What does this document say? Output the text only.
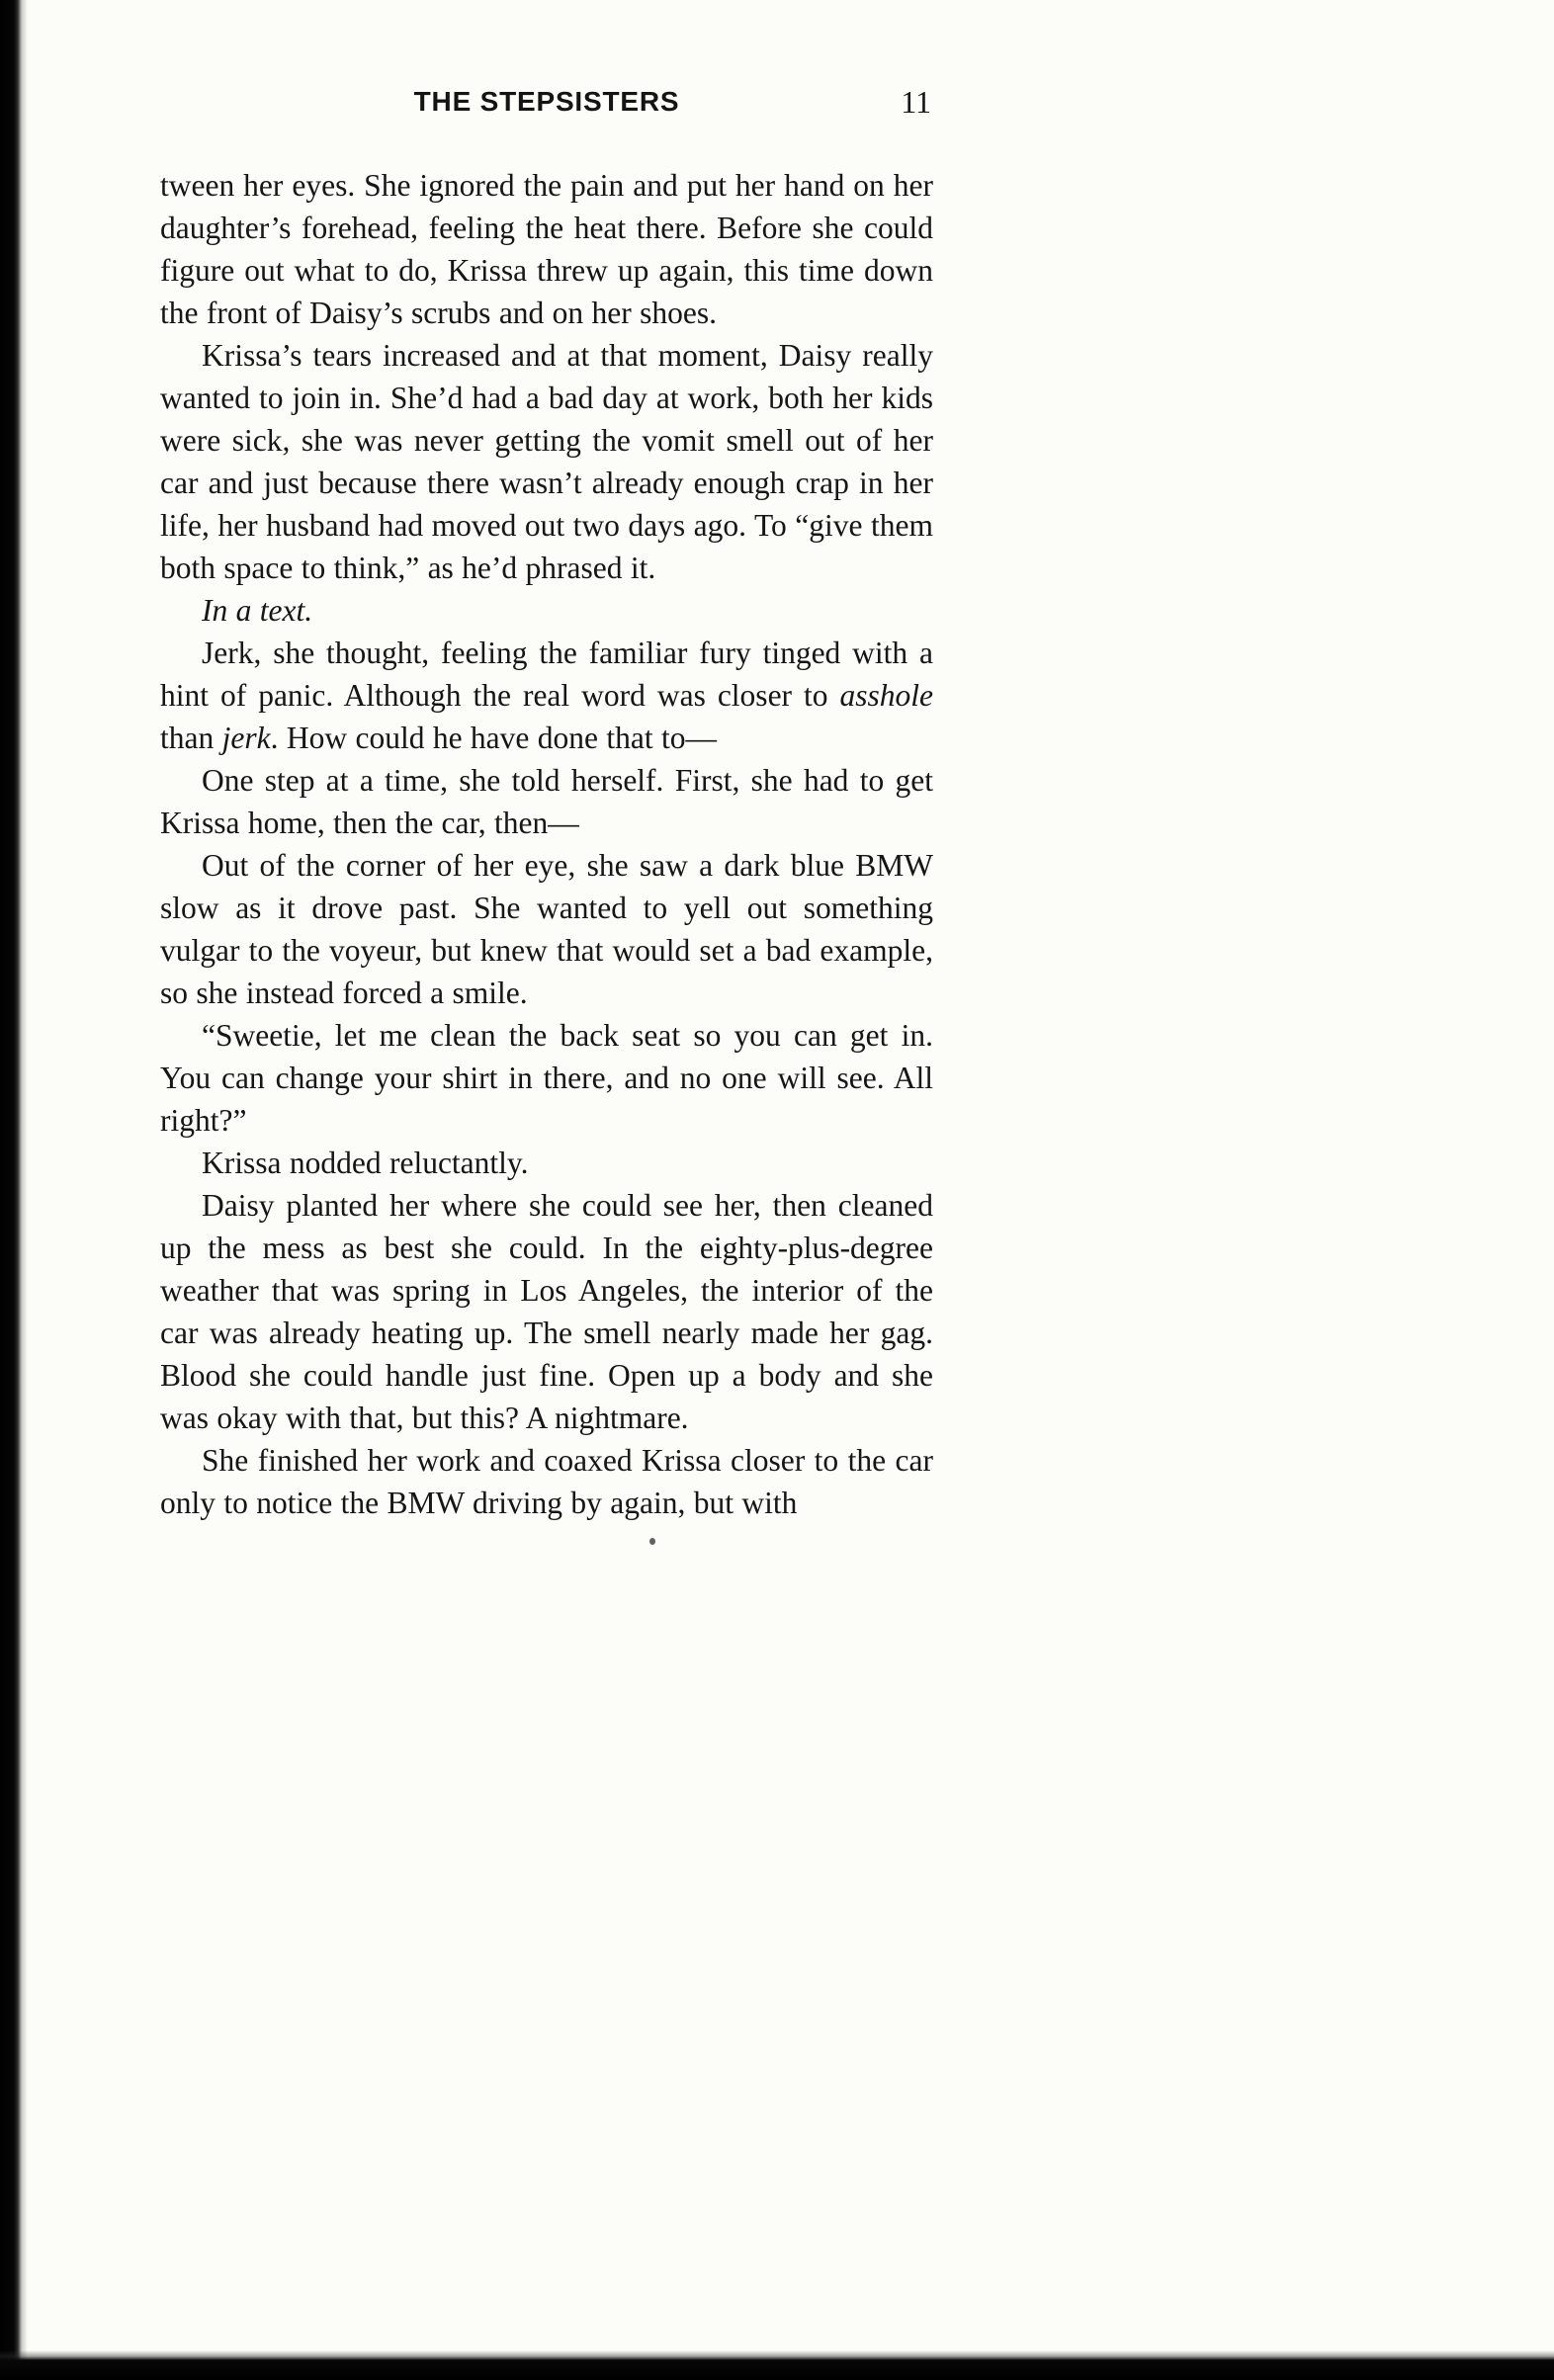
THE STEPSISTERS	11

tween her eyes. She ignored the pain and put her hand on her daughter’s forehead, feeling the heat there. Before she could figure out what to do, Krissa threw up again, this time down the front of Daisy’s scrubs and on her shoes.

Krissa’s tears increased and at that moment, Daisy really wanted to join in. She’d had a bad day at work, both her kids were sick, she was never getting the vomit smell out of her car and just because there wasn’t already enough crap in her life, her husband had moved out two days ago. To “give them both space to think,” as he’d phrased it.

In a text.

Jerk, she thought, feeling the familiar fury tinged with a hint of panic. Although the real word was closer to asshole than jerk. How could he have done that to—

One step at a time, she told herself. First, she had to get Krissa home, then the car, then—

Out of the corner of her eye, she saw a dark blue BMW slow as it drove past. She wanted to yell out something vulgar to the voyeur, but knew that would set a bad example, so she instead forced a smile.

“Sweetie, let me clean the back seat so you can get in. You can change your shirt in there, and no one will see. All right?”

Krissa nodded reluctantly.

Daisy planted her where she could see her, then cleaned up the mess as best she could. In the eighty-plus-degree weather that was spring in Los Angeles, the interior of the car was already heating up. The smell nearly made her gag. Blood she could handle just fine. Open up a body and she was okay with that, but this? A nightmare.

She finished her work and coaxed Krissa closer to the car only to notice the BMW driving by again, but with
